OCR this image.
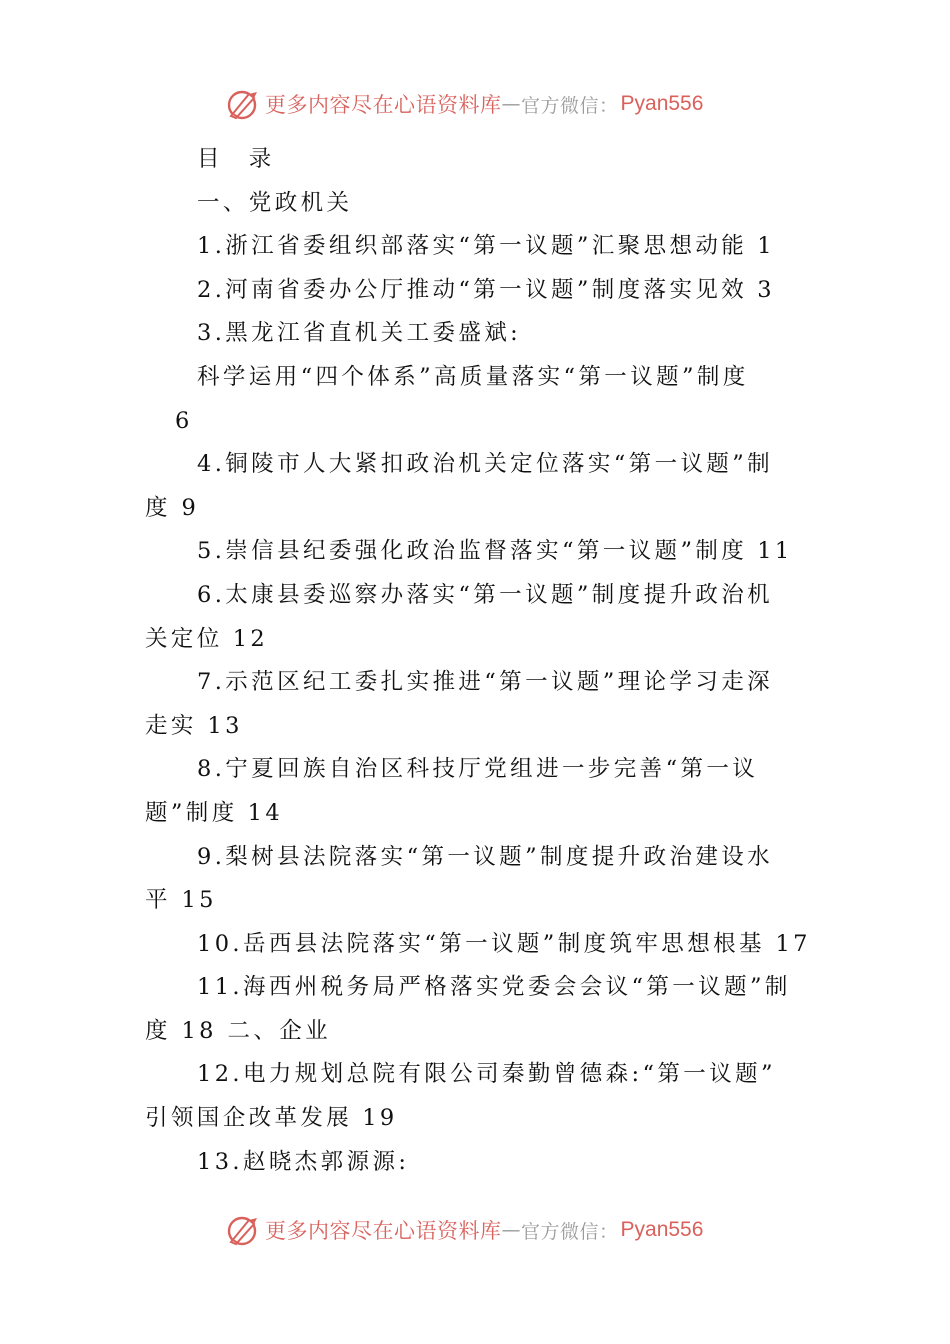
更多内容尽在心语资料库 — 官方微信： Pyan556

目　录

一、党政机关

1.浙江省委组织部落实“第一议题”汇聚思想动能 1

2.河南省委办公厅推动“第一议题”制度落实见效 3

3.黑龙江省直机关工委盛斌:

科学运用“四个体系”高质量落实“第一议题”制度

6

4.铜陵市人大紧扣政治机关定位落实“第一议题”制

度 9

5.崇信县纪委强化政治监督落实“第一议题”制度 11

6.太康县委巡察办落实“第一议题”制度提升政治机

关定位 12

7.示范区纪工委扎实推进“第一议题”理论学习走深

走实 13

8.宁夏回族自治区科技厅党组进一步完善“第一议

题”制度 14

9.梨树县法院落实“第一议题”制度提升政治建设水

平 15

10.岳西县法院落实“第一议题”制度筑牢思想根基 17

11.海西州税务局严格落实党委会会议“第一议题”制

度 18 二、企业

12.电力规划总院有限公司秦勤曾德森:“第一议题”

引领国企改革发展 19

13.赵晓杰郭源源:

更多内容尽在心语资料库 — 官方微信： Pyan556
